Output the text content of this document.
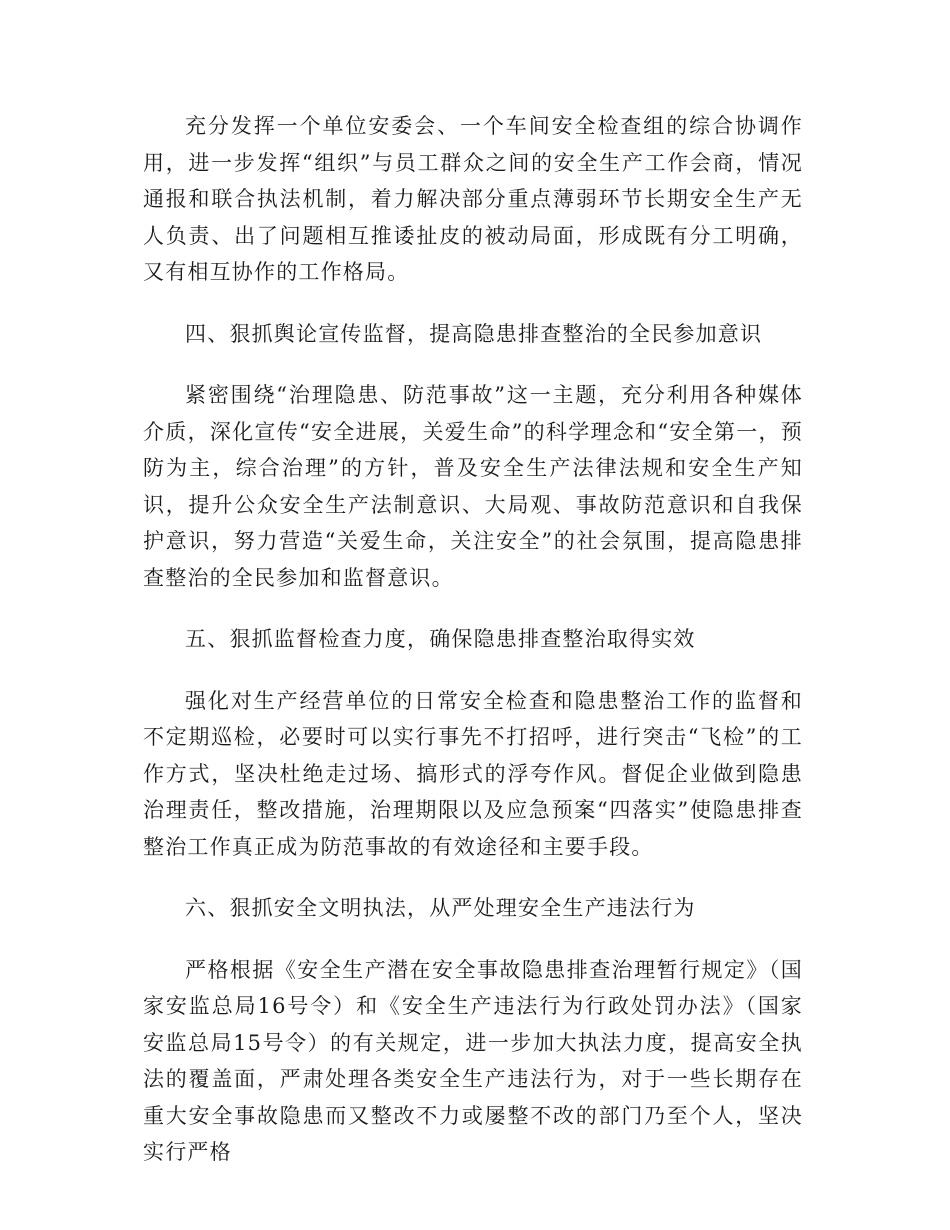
充分发挥一个单位安委会、一个车间安全检查组的综合协调作用，进一步发挥“组织”与员工群众之间的安全生产工作会商，情况通报和联合执法机制，着力解决部分重点薄弱环节长期安全生产无人负责、出了问题相互推诿扯皮的被动局面，形成既有分工明确，又有相互协作的工作格局。

四、狠抓舆论宣传监督，提高隐患排查整治的全民参加意识

紧密围绕“治理隐患、防范事故”这一主题，充分利用各种媒体介质，深化宣传“安全进展，关爱生命”的科学理念和“安全第一，预防为主，综合治理”的方针，普及安全生产法律法规和安全生产知识，提升公众安全生产法制意识、大局观、事故防范意识和自我保护意识，努力营造“关爱生命，关注安全”的社会氛围，提高隐患排查整治的全民参加和监督意识。

五、狠抓监督检查力度，确保隐患排查整治取得实效

强化对生产经营单位的日常安全检查和隐患整治工作的监督和不定期巡检，必要时可以实行事先不打招呼，进行突击“飞检”的工作方式，坚决杜绝走过场、搞形式的浮夸作风。督促企业做到隐患治理责任，整改措施，治理期限以及应急预案“四落实”使隐患排查整治工作真正成为防范事故的有效途径和主要手段。

六、狠抓安全文明执法，从严处理安全生产违法行为

严格根据《安全生产潜在安全事故隐患排查治理暂行规定》（国家安监总局16号令）和《安全生产违法行为行政处罚办法》（国家安监总局15号令）的有关规定，进一步加大执法力度，提高安全执法的覆盖面，严肃处理各类安全生产违法行为，对于一些长期存在重大安全事故隐患而又整改不力或屡整不改的部门乃至个人，坚决实行严格
